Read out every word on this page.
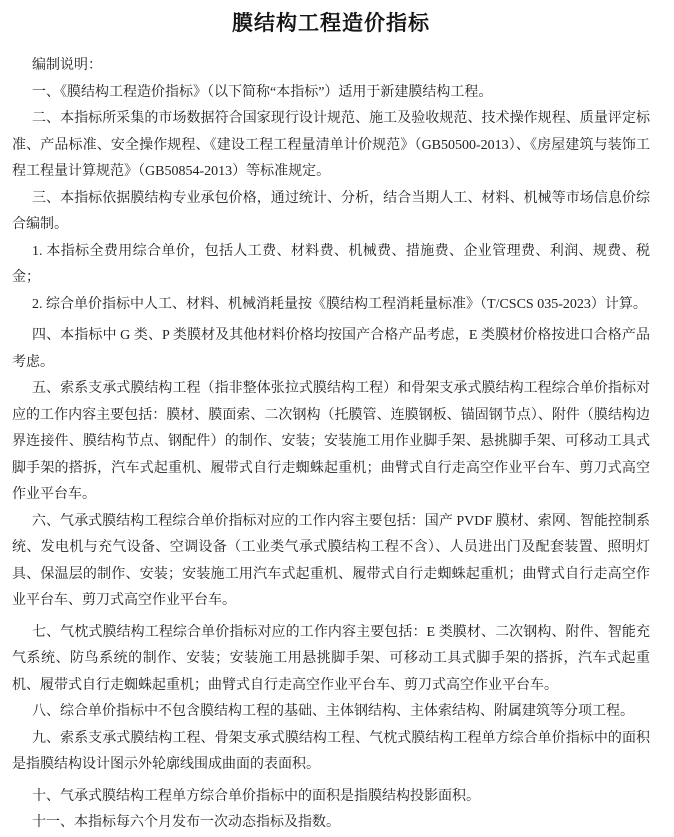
膜结构工程造价指标

编制说明：

一、《膜结构工程造价指标》（以下简称“本指标”）适用于新建膜结构工程。

二、本指标所采集的市场数据符合国家现行设计规范、施工及验收规范、技术操作规程、质量评定标准、产品标准、安全操作规程、《建设工程工程量清单计价规范》（GB50500-2013）、《房屋建筑与装饰工程工程量计算规范》（GB50854-2013）等标准规定。

三、本指标依据膜结构专业承包价格，通过统计、分析，结合当期人工、材料、机械等市场信息价综合编制。

1. 本指标全费用综合单价，包括人工费、材料费、机械费、措施费、企业管理费、利润、规费、税金；

2. 综合单价指标中人工、材料、机械消耗量按《膜结构工程消耗量标准》（T/CSCS 035-2023）计算。

四、本指标中 G 类、P 类膜材及其他材料价格均按国产合格产品考虑，E 类膜材价格按进口合格产品考虑。

五、索系支承式膜结构工程（指非整体张拉式膜结构工程）和骨架支承式膜结构工程综合单价指标对应的工作内容主要包括：膜材、膜面索、二次钢构（托膜管、连膜钢板、锚固钢节点）、附件（膜结构边界连接件、膜结构节点、钢配件）的制作、安装；安装施工用作业脚手架、悬挑脚手架、可移动工具式脚手架的搭拆，汽车式起重机、履带式自行走蜘蛛起重机；曲臂式自行走高空作业平台车、剪刀式高空作业平台车。

六、气承式膜结构工程综合单价指标对应的工作内容主要包括：国产 PVDF 膜材、索网、智能控制系统、发电机与充气设备、空调设备（工业类气承式膜结构工程不含）、人员进出门及配套装置、照明灯具、保温层的制作、安装；安装施工用汽车式起重机、履带式自行走蜘蛛起重机；曲臂式自行走高空作业平台车、剪刀式高空作业平台车。

七、气枕式膜结构工程综合单价指标对应的工作内容主要包括：E 类膜材、二次钢构、附件、智能充气系统、防鸟系统的制作、安装；安装施工用悬挑脚手架、可移动工具式脚手架的搭拆，汽车式起重机、履带式自行走蜘蛛起重机；曲臂式自行走高空作业平台车、剪刀式高空作业平台车。

八、综合单价指标中不包含膜结构工程的基础、主体钢结构、主体索结构、附属建筑等分项工程。

九、索系支承式膜结构工程、骨架支承式膜结构工程、气枕式膜结构工程单方综合单价指标中的面积是指膜结构设计图示外轮廓线围成曲面的表面积。

十、气承式膜结构工程单方综合单价指标中的面积是指膜结构投影面积。

十一、本指标每六个月发布一次动态指标及指数。
